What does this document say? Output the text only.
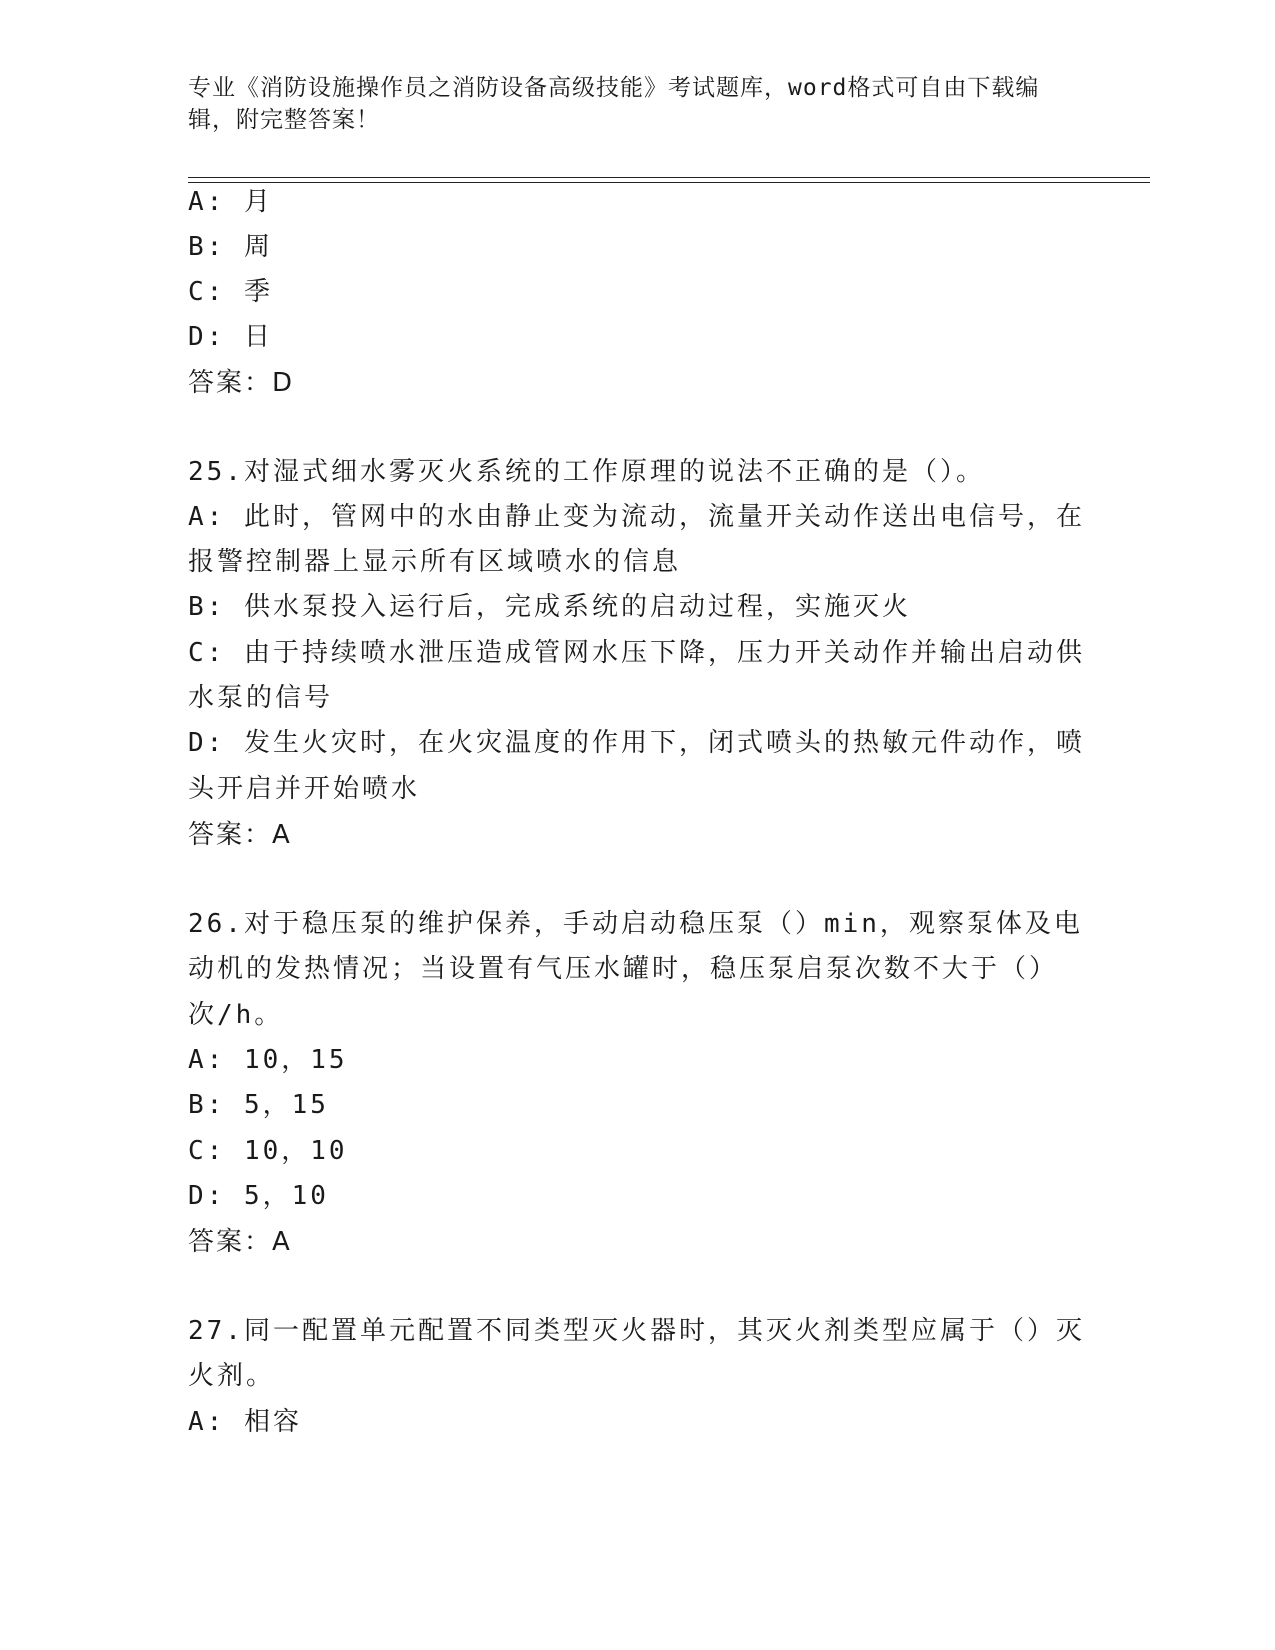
专业《消防设施操作员之消防设备高级技能》考试题库，word格式可自由下载编
辑，附完整答案！
A: 月
B: 周
C: 季
D: 日
答案：D
25.对湿式细水雾灭火系统的工作原理的说法不正确的是（）。
A: 此时，管网中的水由静止变为流动，流量开关动作送出电信号，在
报警控制器上显示所有区域喷水的信息
B: 供水泵投入运行后，完成系统的启动过程，实施灭火
C: 由于持续喷水泄压造成管网水压下降，压力开关动作并输出启动供
水泵的信号
D: 发生火灾时，在火灾温度的作用下，闭式喷头的热敏元件动作，喷
头开启并开始喷水
答案：A
26.对于稳压泵的维护保养，手动启动稳压泵（）min，观察泵体及电
动机的发热情况；当设置有气压水罐时，稳压泵启泵次数不大于（）
次/h。
A: 10，15
B: 5，15
C: 10，10
D: 5，10
答案：A
27.同一配置单元配置不同类型灭火器时，其灭火剂类型应属于（）灭
火剂。
A: 相容
